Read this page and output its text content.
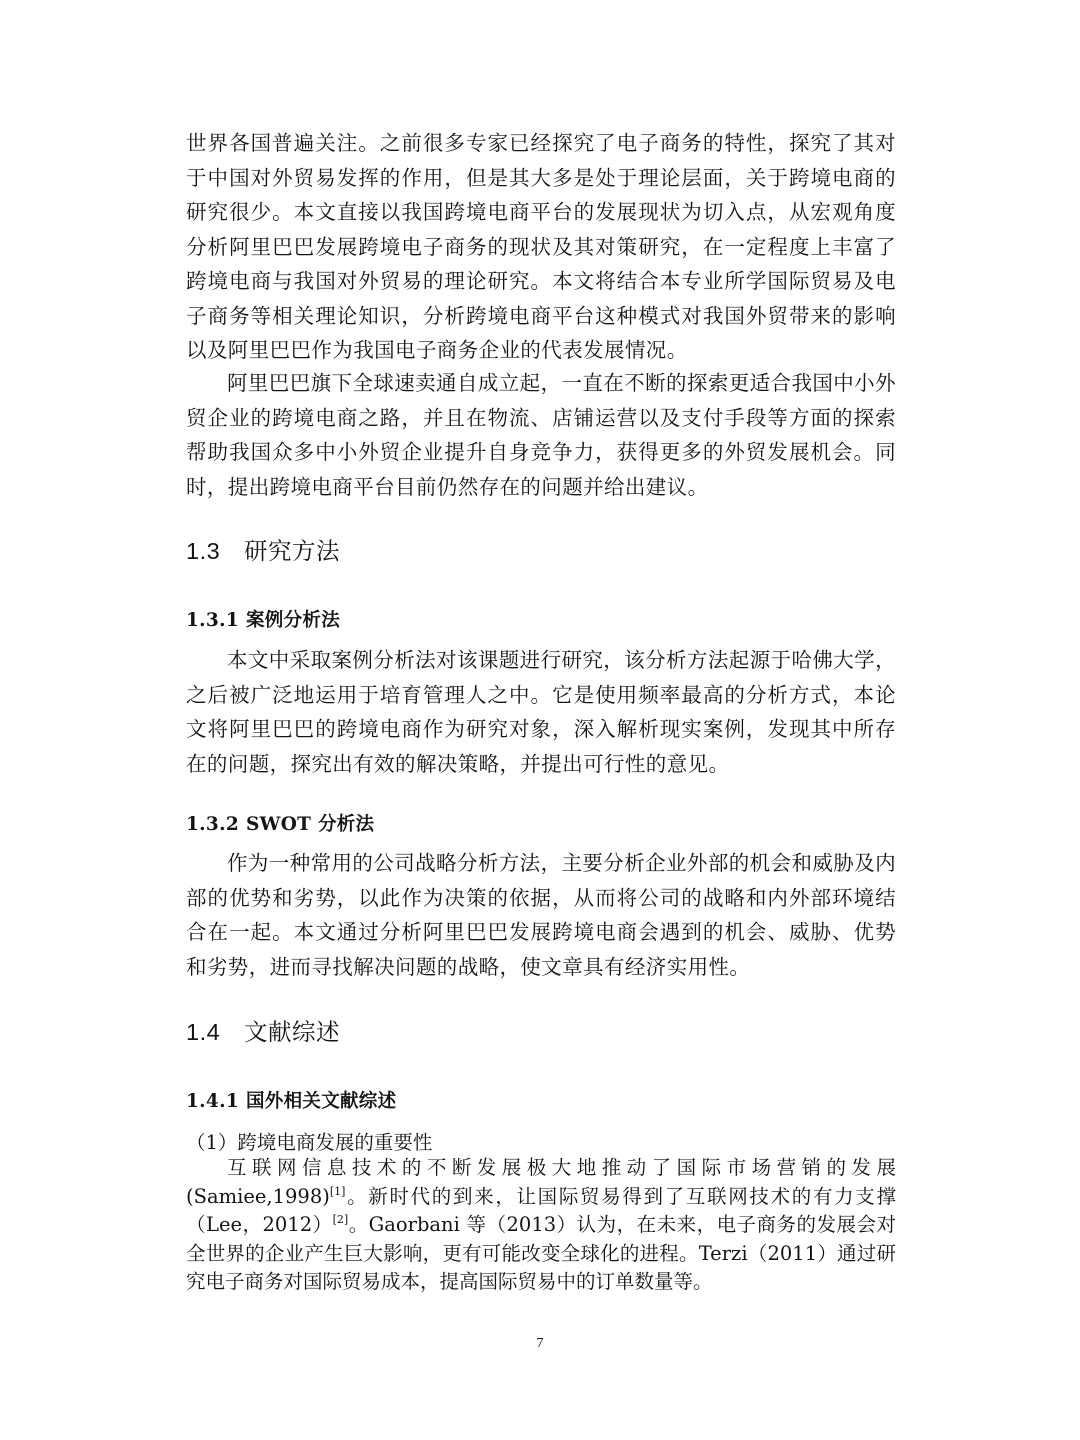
世界各国普遍关注。之前很多专家已经探究了电子商务的特性，探究了其对于中国对外贸易发挥的作用，但是其大多是处于理论层面，关于跨境电商的研究很少。本文直接以我国跨境电商平台的发展现状为切入点，从宏观角度分析阿里巴巴发展跨境电子商务的现状及其对策研究，在一定程度上丰富了跨境电商与我国对外贸易的理论研究。本文将结合本专业所学国际贸易及电子商务等相关理论知识，分析跨境电商平台这种模式对我国外贸带来的影响以及阿里巴巴作为我国电子商务企业的代表发展情况。

阿里巴巴旗下全球速卖通自成立起，一直在不断的探索更适合我国中小外贸企业的跨境电商之路，并且在物流、店铺运营以及支付手段等方面的探索帮助我国众多中小外贸企业提升自身竞争力，获得更多的外贸发展机会。同时，提出跨境电商平台目前仍然存在的问题并给出建议。

1.3 研究方法
1.3.1 案例分析法

本文中采取案例分析法对该课题进行研究，该分析方法起源于哈佛大学，之后被广泛地运用于培育管理人之中。它是使用频率最高的分析方式，本论文将阿里巴巴的跨境电商作为研究对象，深入解析现实案例，发现其中所存在的问题，探究出有效的解决策略，并提出可行性的意见。

1.3.2 SWOT 分析法

作为一种常用的公司战略分析方法，主要分析企业外部的机会和威胁及内部的优势和劣势，以此作为决策的依据，从而将公司的战略和内外部环境结合在一起。本文通过分析阿里巴巴发展跨境电商会遇到的机会、威胁、优势和劣势，进而寻找解决问题的战略，使文章具有经济实用性。

1.4 文献综述
1.4.1 国外相关文献综述

（1）跨境电商发展的重要性

互联网信息技术的不断发展极大地推动了国际市场营销的发展(Samiee,1998)[1]。新时代的到来，让国际贸易得到了互联网技术的有力支撑（Lee，2012）[2]。Gaorbani 等（2013）认为，在未来，电子商务的发展会对全世界的企业产生巨大影响，更有可能改变全球化的进程。Terzi（2011）通过研究电子商务对国际贸易成本，提高国际贸易中的订单数量等。

7
